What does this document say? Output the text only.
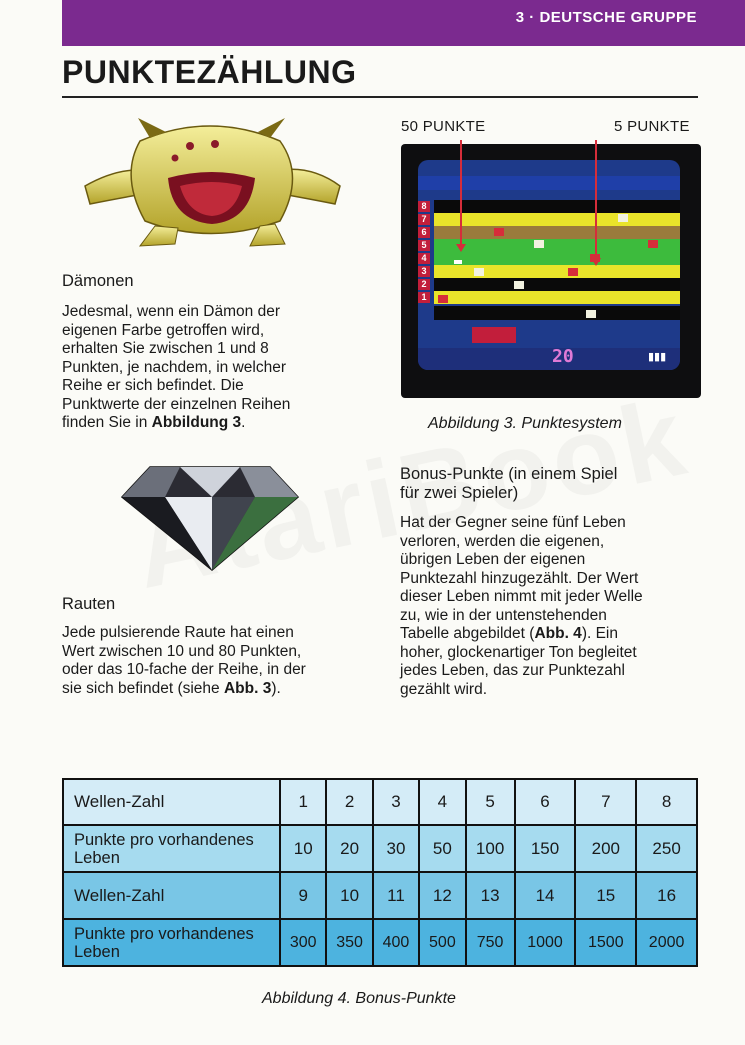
3 · DEUTSCHE GRUPPE
PUNKTEZÄHLUNG
Dämonen
Jedesmal, wenn ein Dämon der
eigenen Farbe getroffen wird,
erhalten Sie zwischen 1 und 8
Punkten, je nachdem, in welcher
Reihe er sich befindet. Die
Punktwerte der einzelnen Reihen
finden Sie in Abbildung 3.
50 PUNKTE	5 PUNKTE
8
7
6
5
4
3
2
1
20	▮▮▮
Abbildung 3. Punktesystem
Rauten
Jede pulsierende Raute hat einen
Wert zwischen 10 und 80 Punkten,
oder das 10-fache der Reihe, in der
sie sich befindet (siehe Abb. 3).
Bonus-Punkte (in einem Spiel
für zwei Spieler)
Hat der Gegner seine fünf Leben
verloren, werden die eigenen,
übrigen Leben der eigenen
Punktezahl hinzugezählt. Der Wert
dieser Leben nimmt mit jeder Welle
zu, wie in der untenstehenden
Tabelle abgebildet (Abb. 4). Ein
hoher, glockenartiger Ton begleitet
jedes Leben, das zur Punktezahl
gezählt wird.
Wellen-Zahl	1	2	3	4	5	6	7	8
Punkte pro vorhandenes Leben	10	20	30	50	100	150	200	250
Wellen-Zahl	9	10	11	12	13	14	15	16
Punkte pro vorhandenes Leben	300	350	400	500	750	1000	1500	2000
Abbildung 4. Bonus-Punkte
